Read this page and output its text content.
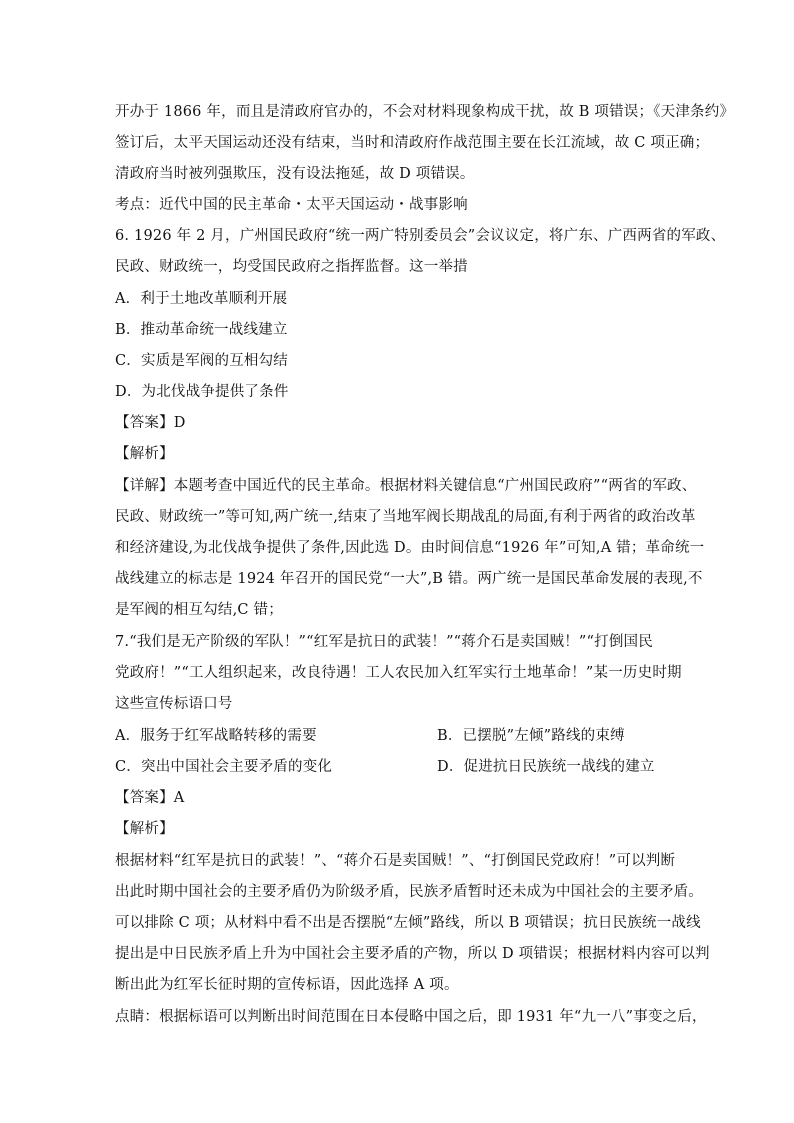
开办于 1866 年，而且是清政府官办的，不会对材料现象构成干扰，故 B 项错误；《天津条约》
签订后，太平天国运动还没有结束，当时和清政府作战范围主要在长江流域，故 C 项正确；
清政府当时被列强欺压，没有设法拖延，故 D 项错误。
考点：近代中国的民主革命・太平天国运动・战事影响
6. 1926 年 2 月，广州国民政府“统一两广特别委员会”会议议定，将广东、广西两省的军政、
民政、财政统一，均受国民政府之指挥监督。这一举措
A．利于土地改革顺利开展
B．推动革命统一战线建立
C．实质是军阀的互相勾结
D．为北伐战争提供了条件
【答案】D
【解析】
【详解】本题考查中国近代的民主革命。根据材料关键信息“广州国民政府”“两省的军政、
民政、财政统一”等可知,两广统一,结束了当地军阀长期战乱的局面,有利于两省的政治改革
和经济建设,为北伐战争提供了条件,因此选 D。由时间信息“1926 年”可知,A 错；革命统一
战线建立的标志是 1924 年召开的国民党“一大”,B 错。两广统一是国民革命发展的表现,不
是军阀的相互勾结,C 错；
7.“我们是无产阶级的军队！”“红军是抗日的武装！”“蒋介石是卖国贼！”“打倒国民
党政府！”“工人组织起来，改良待遇！工人农民加入红军实行土地革命！”某一历史时期
这些宣传标语口号
A．服务于红军战略转移的需要	B．已摆脱”左倾”路线的束缚
C．突出中国社会主要矛盾的变化	D．促进抗日民族统一战线的建立
【答案】A
【解析】
根据材料“红军是抗日的武装！”、“蒋介石是卖国贼！”、“打倒国民党政府！”可以判断
出此时期中国社会的主要矛盾仍为阶级矛盾，民族矛盾暂时还未成为中国社会的主要矛盾。
可以排除 C 项；从材料中看不出是否摆脱“左倾”路线，所以 B 项错误；抗日民族统一战线
提出是中日民族矛盾上升为中国社会主要矛盾的产物，所以 D 项错误；根据材料内容可以判
断出此为红军长征时期的宣传标语，因此选择 A 项。
点睛：根据标语可以判断出时间范围在日本侵略中国之后，即 1931 年“九一八”事变之后，
